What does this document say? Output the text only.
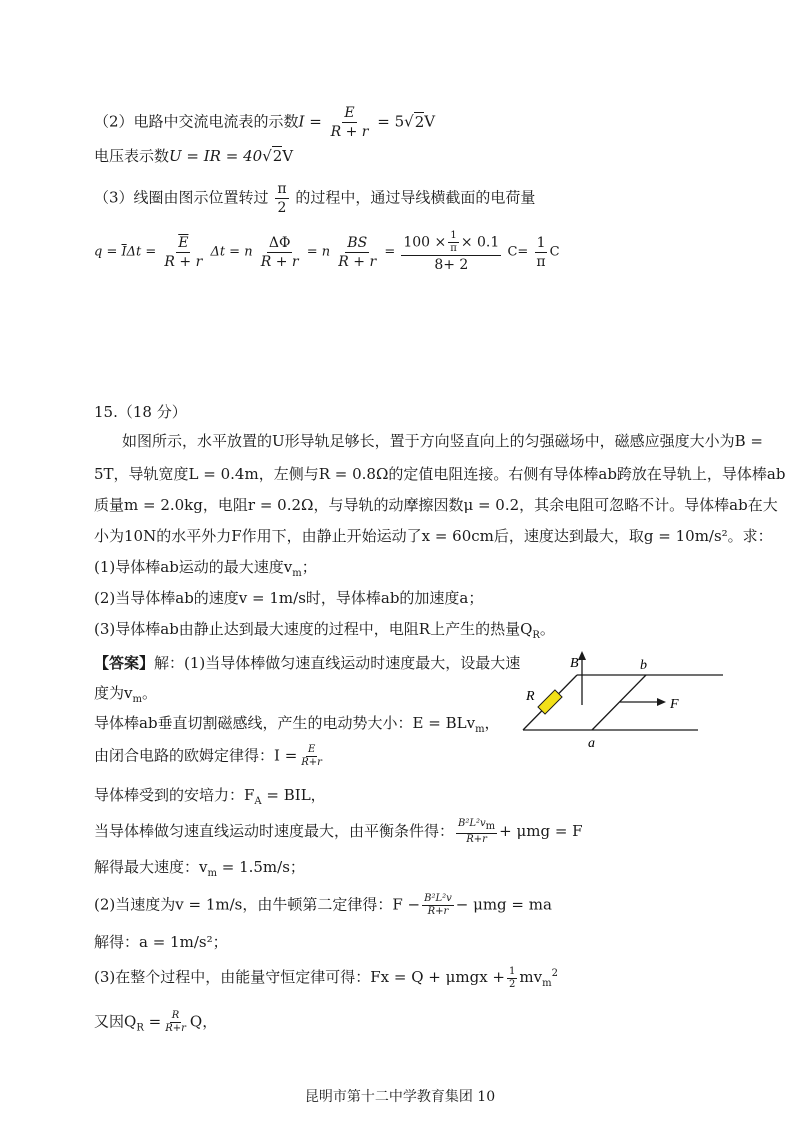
（2）电路中交流电流表的示数$I = \frac{E}{R + r} = 5√2V$
电压表示数U = IR = 40√2V
（3）线圈由图示位置转过 $\frac{\pi}{2}$ 的过程中，通过导线横截面的电荷量
$q = \overline{I}\Delta t = \frac{\overline{E}}{R + r}$ Δt = n $\frac{\Delta\Phi}{R + r} = n \frac{BS}{R + r} = \frac{100 \times \frac{1}{\pi} \times 0.1}{8+ 2} C= \frac{1}{\pi}$ C
15.（18 分）
如图所示，水平放置的U形导轨足够长，置于方向竖直向上的匀强磁场中，磁感应强度大小为B =
5T，导轨宽度L = 0.4m，左侧与R = 0.8Ω的定值电阻连接。右侧有导体棒ab跨放在导轨上，导体棒ab
质量m = 2.0kg，电阻r = 0.2Ω，与导轨的动摩擦因数μ = 0.2，其余电阻可忽略不计。导体棒ab在大
小为10N的水平外力F作用下，由静止开始运动了x = 60cm后，速度达到最大，取g = 10m/s²。求：
(1)导体棒ab运动的最大速度$v_m$；
(2)当导体棒ab的速度v = 1m/s时，导体棒ab的加速度a；
(3)导体棒ab由静止达到最大速度的过程中，电阻R上产生的热量$Q_R$。
【答案】解：(1)当导体棒做匀速直线运动时速度最大，设最大速
度为$v_m$。
导体棒ab垂直切割磁感线，产生的电动势大小：E = BLv$_m$，
由闭合电路的欧姆定律得：$I = \frac{E}{R+r}$
导体棒受到的安培力：$F_A$ = BIL，
当导体棒做匀速直线运动时速度最大，由平衡条件得： $\frac{\text{B²L²vm}}{R+r} + \mu mg = F$
解得最大速度：$v_m = 1.5m/s$；
(2)当速度为v = 1m/s，由牛顿第二定律得：$F - \frac{\text{B²L²v}}{R+r} - \mu mg$ = ma
解得：a = 1m/s²；
(3)在整个过程中，由能量守恒定律可得：$Fx = Q + \mu mgx + \frac{1}{2} mv_m^2$
又因$Q_R = \frac{R}{R+r}$ Q，
B	b
R
F
a
昆明市第十二中学教育集团 10
